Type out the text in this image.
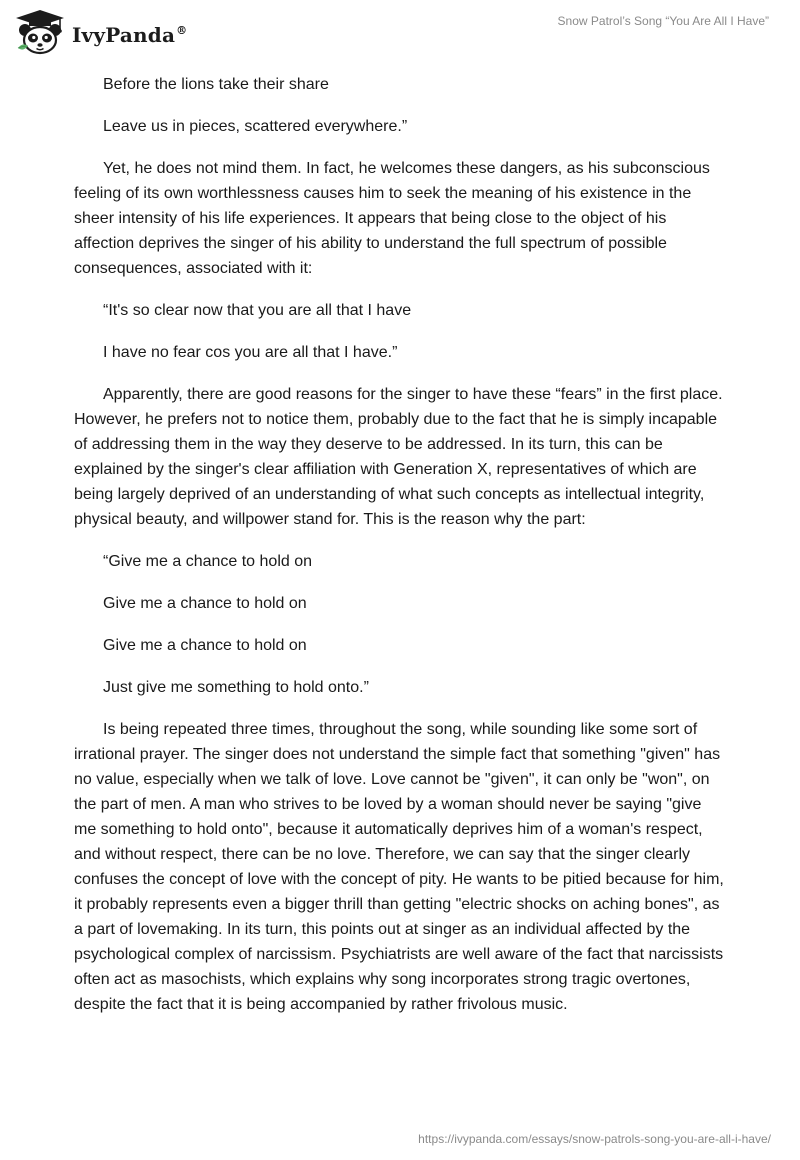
IvyPanda®
Snow Patrol’s Song “You Are All I Have”

Before the lions take their share

Leave us in pieces, scattered everywhere.”

Yet, he does not mind them. In fact, he welcomes these dangers, as his subconscious feeling of its own worthlessness causes him to seek the meaning of his existence in the sheer intensity of his life experiences. It appears that being close to the object of his affection deprives the singer of his ability to understand the full spectrum of possible consequences, associated with it:

“It's so clear now that you are all that I have

I have no fear cos you are all that I have.”

Apparently, there are good reasons for the singer to have these “fears” in the first place. However, he prefers not to notice them, probably due to the fact that he is simply incapable of addressing them in the way they deserve to be addressed. In its turn, this can be explained by the singer's clear affiliation with Generation X, representatives of which are being largely deprived of an understanding of what such concepts as intellectual integrity, physical beauty, and willpower stand for. This is the reason why the part:

“Give me a chance to hold on

Give me a chance to hold on

Give me a chance to hold on

Just give me something to hold onto.”

Is being repeated three times, throughout the song, while sounding like some sort of irrational prayer. The singer does not understand the simple fact that something "given" has no value, especially when we talk of love. Love cannot be "given", it can only be "won", on the part of men. A man who strives to be loved by a woman should never be saying "give me something to hold onto", because it automatically deprives him of a woman's respect, and without respect, there can be no love. Therefore, we can say that the singer clearly confuses the concept of love with the concept of pity. He wants to be pitied because for him, it probably represents even a bigger thrill than getting "electric shocks on aching bones", as a part of lovemaking. In its turn, this points out at singer as an individual affected by the psychological complex of narcissism. Psychiatrists are well aware of the fact that narcissists often act as masochists, which explains why song incorporates strong tragic overtones, despite the fact that it is being accompanied by rather frivolous music.

https://ivypanda.com/essays/snow-patrols-song-you-are-all-i-have/
